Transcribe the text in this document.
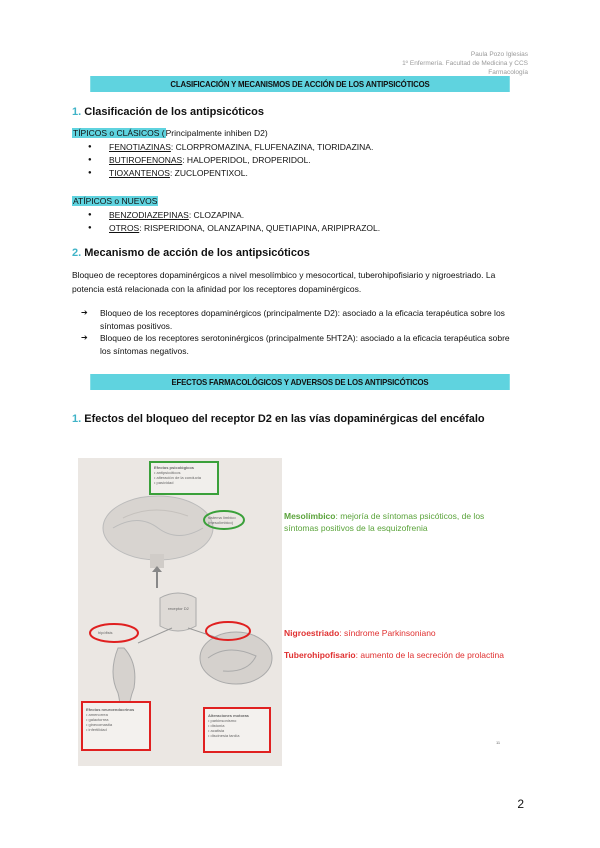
Paula Pozo Iglesias
1º Enfermería. Facultad de Medicina y CCS
Farmacología
CLASIFICACIÓN Y MECANISMOS DE ACCIÓN DE LOS ANTIPSICÓTICOS
1. Clasificación de los antipsicóticos
TÍPICOS o CLÁSICOS (Principalmente inhiben D2)
● FENOTIAZINAS: CLORPROMAZINA, FLUFENAZINA, TIORIDAZINA.
● BUTIROFENONAS: HALOPERIDOL, DROPERIDOL.
● TIOXANTENOS: ZUCLOPENTIXOL.
ATÍPICOS o NUEVOS
● BENZODIAZEPINAS: CLOZAPINA.
● OTROS: RISPERIDONA, OLANZAPINA, QUETIAPINA, ARIPIPRAZOL.
2. Mecanismo de acción de los antipsicóticos
Bloqueo de receptores dopaminérgicos a nivel mesolímbico y mesocortical, tuberohipofisiario y nigroestriado. La potencia está relacionada con la afinidad por los receptores dopaminérgicos.
➔ Bloqueo de los receptores dopaminérgicos (principalmente D2): asociado a la eficacia terapéutica sobre los síntomas positivos.
➔ Bloqueo de los receptores serotoninérgicos (principalmente 5HT2A): asociado a la eficacia terapéutica sobre los síntomas negativos.
EFECTOS FARMACOLÓGICOS Y ADVERSOS DE LOS ANTIPSICÓTICOS
1. Efectos del bloqueo del receptor D2 en las vías dopaminérgicas del encéfalo
Efectos psicológicos
• antipsicóticos
• alteración de la conducta
• pasividad
sistema límbico (mesolímbico)
receptor D2
hipófisis
Efectos neuroendocrinos
• amenorrea
• galactorrea
• ginecomastia
• infertilidad
Alteraciones motoras
• parkinsonismo
• distonía
• acatisia
• discinesia tardía
Mesolímbico: mejoría de síntomas psicóticos, de los síntomas positivos de la esquizofrenia
Nigroestriado: síndrome Parkinsoniano
Tuberohipofisario: aumento de la secreción de prolactina
11
2
